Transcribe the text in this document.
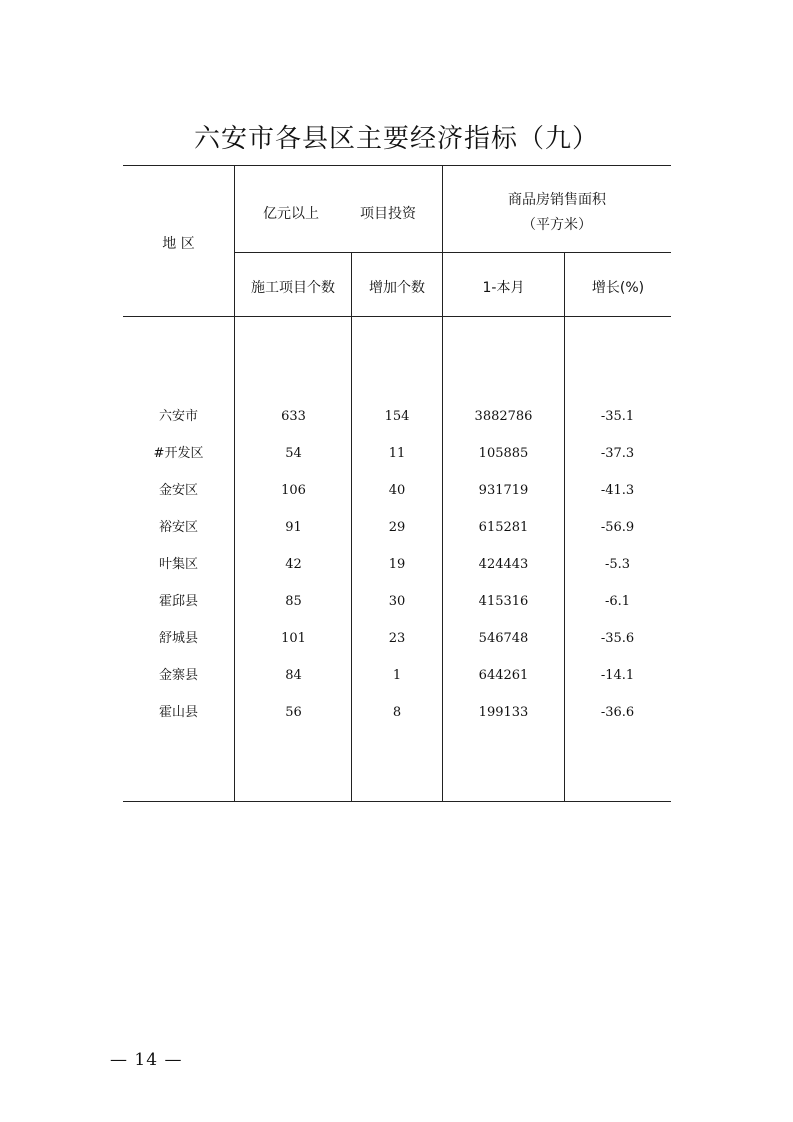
六安市各县区主要经济指标（九）
地 区
亿元以上	项目投资
商品房销售面积
（平方米）
施工项目个数	增加个数	1-本月	增长(%)
六安市	633	154	3882786	-35.1
#开发区	54	11	105885	-37.3
金安区	106	40	931719	-41.3
裕安区	91	29	615281	-56.9
叶集区	42	19	424443	-5.3
霍邱县	85	30	415316	-6.1
舒城县	101	23	546748	-35.6
金寨县	84	1	644261	-14.1
霍山县	56	8	199133	-36.6
— 14 —
